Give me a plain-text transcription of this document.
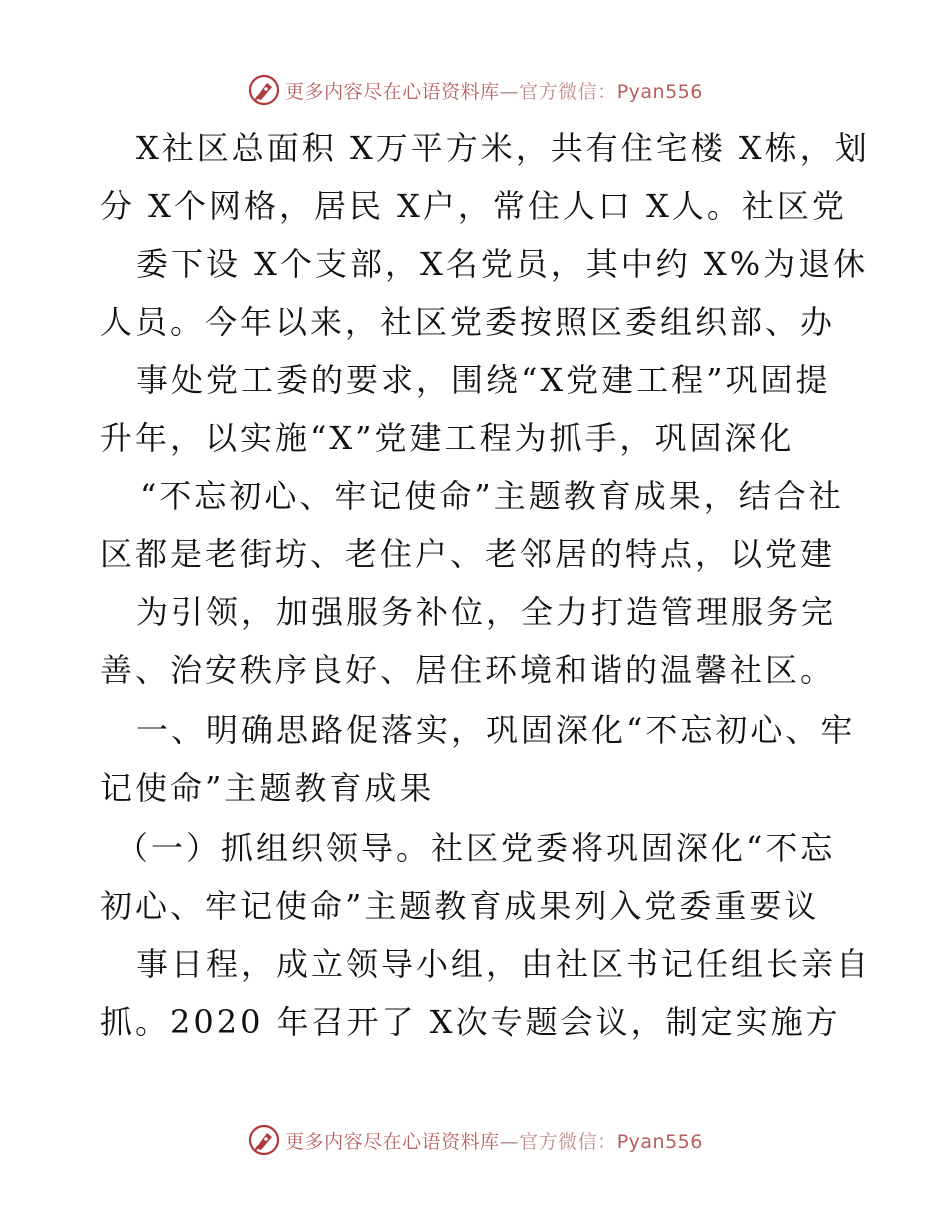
更多内容尽在心语资料库—官方微信：Pyan556
X社区总面积 X万平方米，共有住宅楼 X栋，划
分 X个网格，居民 X户，常住人口 X人。社区党
委下设 X个支部，X名党员，其中约 X%为退休
人员。今年以来，社区党委按照区委组织部、办
事处党工委的要求，围绕“X党建工程”巩固提
升年，以实施“X”党建工程为抓手，巩固深化
“不忘初心、牢记使命”主题教育成果，结合社
区都是老街坊、老住户、老邻居的特点，以党建
为引领，加强服务补位，全力打造管理服务完
善、治安秩序良好、居住环境和谐的温馨社区。
一、明确思路促落实，巩固深化“不忘初心、牢
记使命”主题教育成果
（一）抓组织领导。社区党委将巩固深化“不忘
初心、牢记使命”主题教育成果列入党委重要议
事日程，成立领导小组，由社区书记任组长亲自
抓。2020 年召开了 X次专题会议，制定实施方
更多内容尽在心语资料库—官方微信：Pyan556
